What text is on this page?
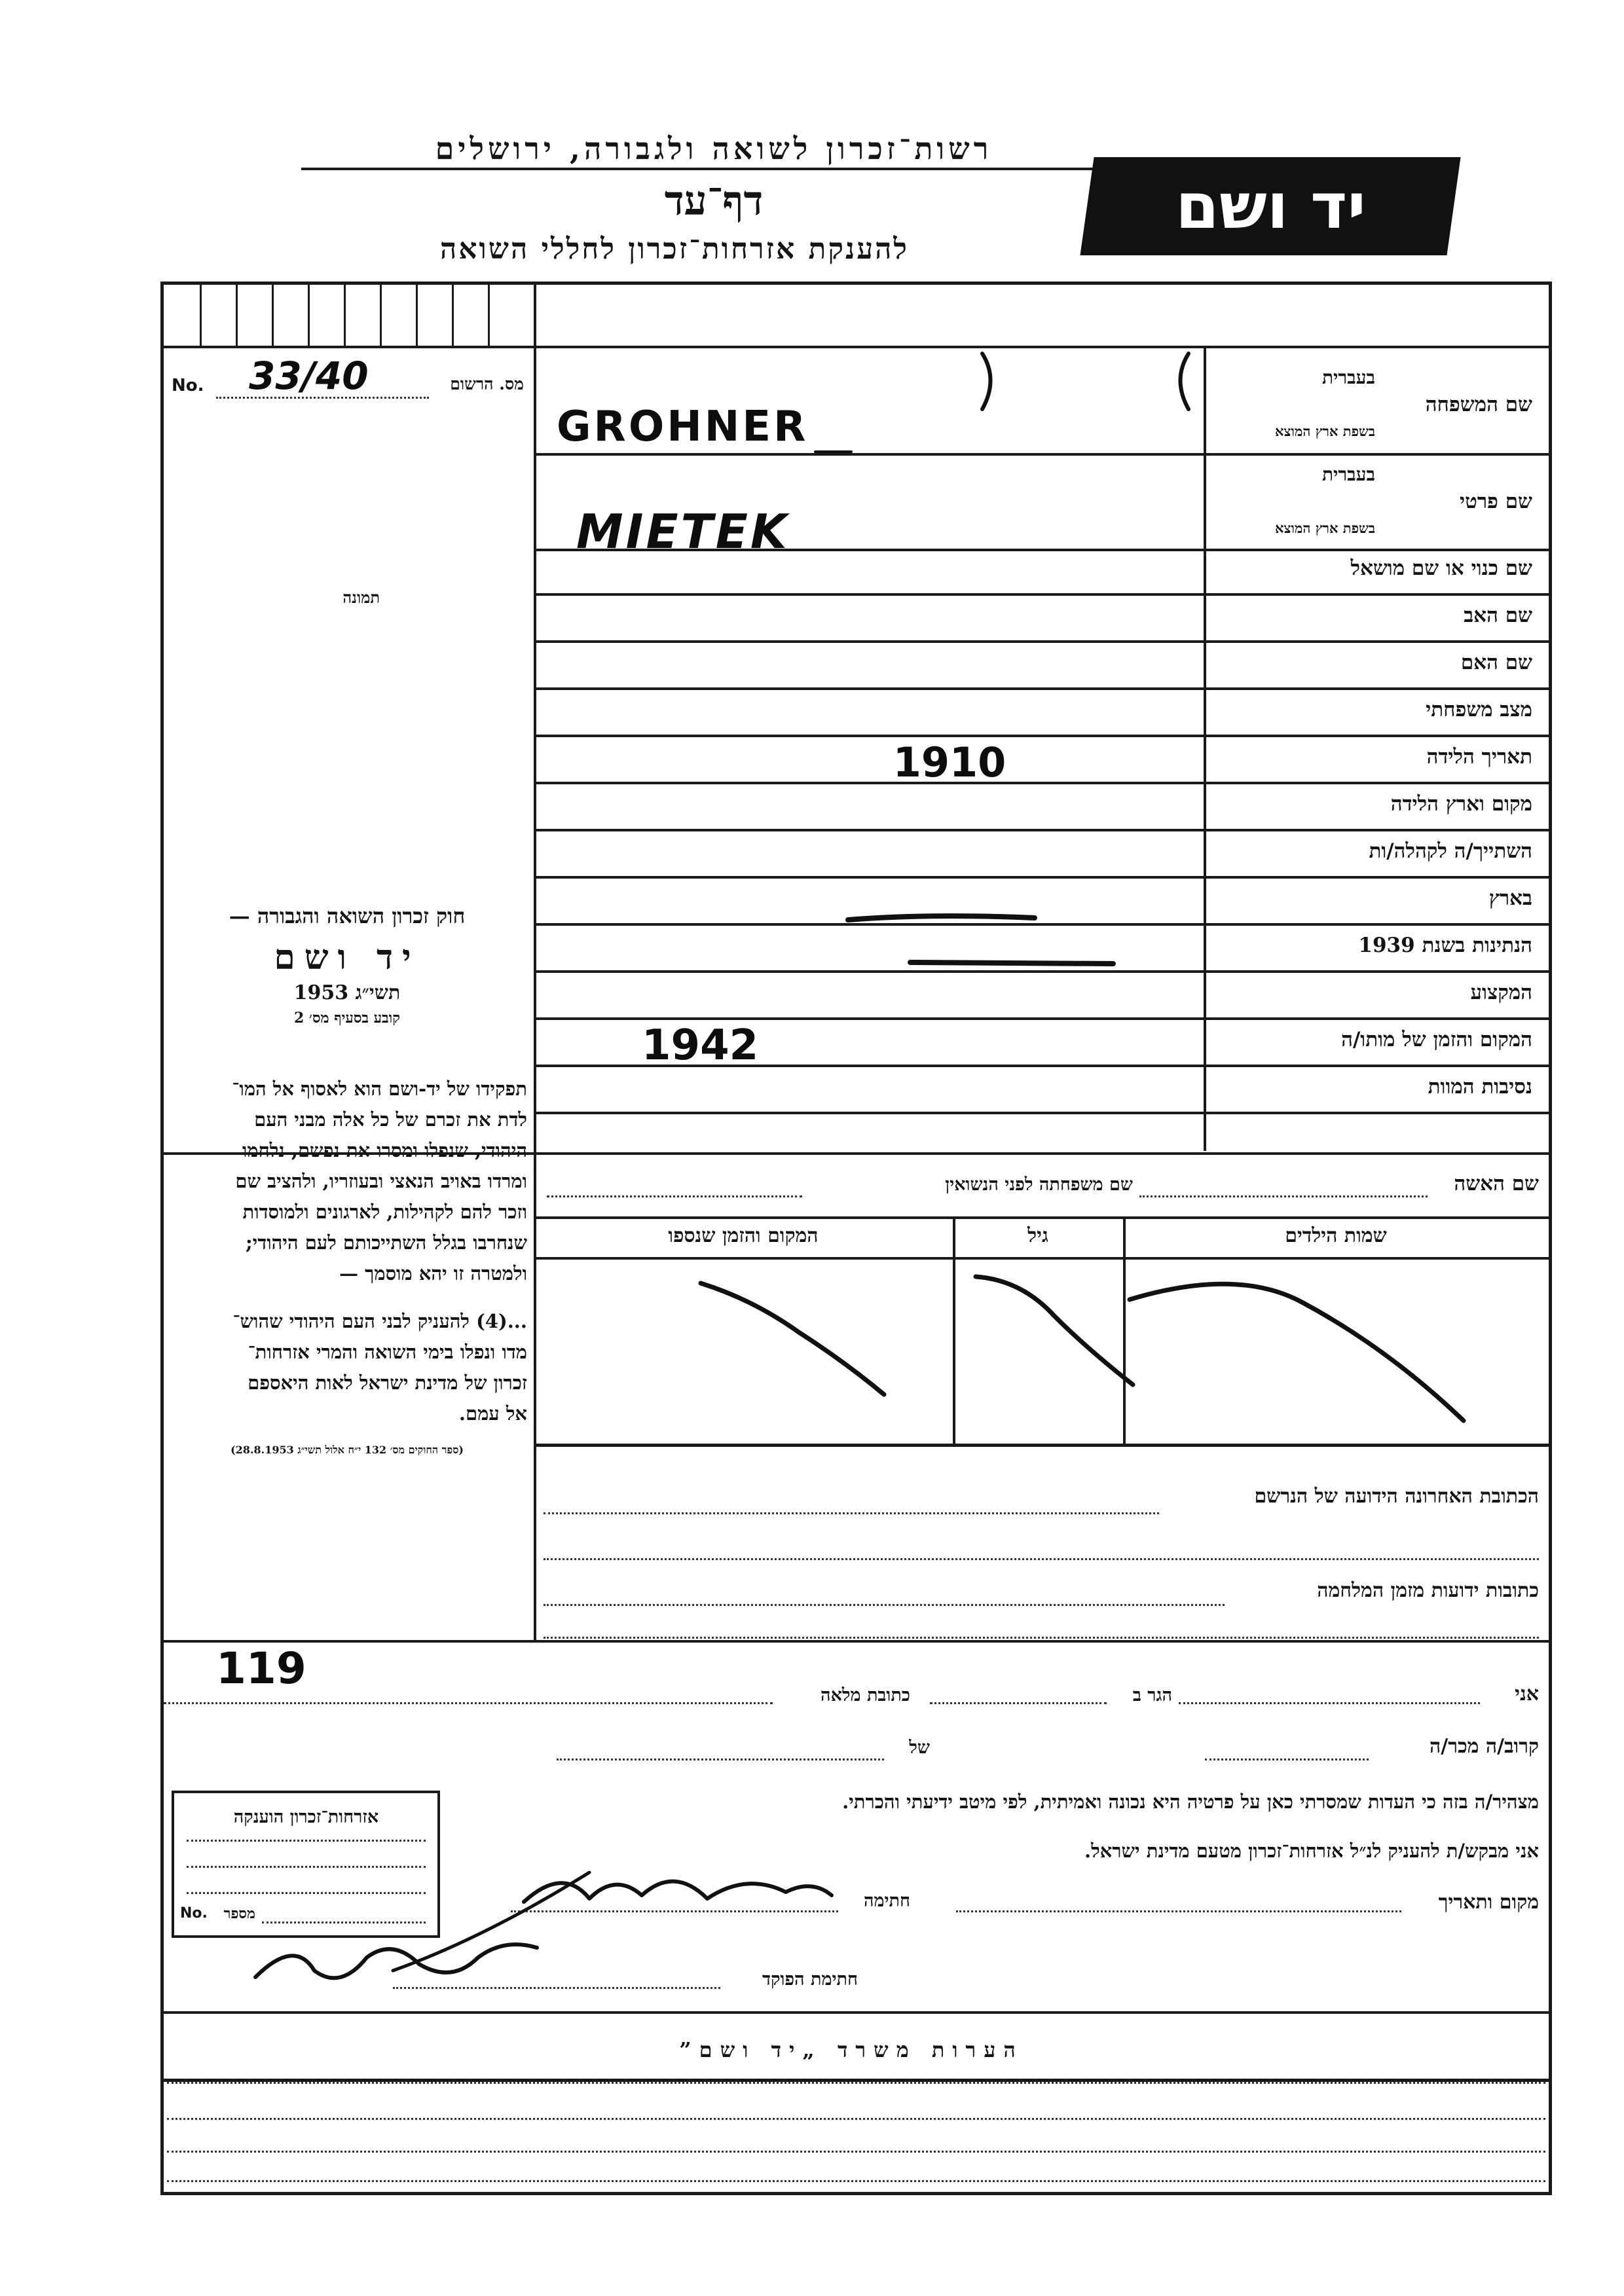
רשות־זכרון לשואה ולגבורה, ירושלים
דף־עד
להענקת אזרחות־זכרון לחללי השואה
יד ושם
מס. הרשום
No. 33/40
תמונה
שם המשפחה
בעברית
בשפת ארץ המוצא
שם פרטי
בעברית
בשפת ארץ המוצא
שם כנוי או שם מושאל
שם האב
שם האם
מצב משפחתי
תאריך הלידה
מקום וארץ הלידה
השתייך/ה לקהלה/ות
בארץ
הנתינות בשנת 1939
המקצוע
המקום והזמן של מותו/ה
נסיבות המוות
GROHNER
MIETEK
1910
1942
חוק זכרון השואה והגבורה —
יד ושם
תשי״ג 1953
קובע בסעיף מס׳ 2
תפקידו של יד-ושם הוא לאסוף אל המו־
לדת את זכרם של כל אלה מבני העם
היהודי, שנפלו ומסרו את נפשם, נלחמו
ומרדו באויב הנאצי ובעוזריו, ולהציב שם
וזכר להם לקהילות, לארגונים ולמוסדות
שנחרבו בגלל השתייכותם לעם היהודי;
ולמטרה זו יהא מוסמך —
...(4) להעניק לבני העם היהודי שהוש־
מדו ונפלו בימי השואה והמרי אזרחות־
זכרון של מדינת ישראל לאות היאספם
אל עמם.
(ספר החוקים מס׳ 132 י״ח אלול תשי״ג 28.8.1953)
שם האשה
שם משפחתה לפני הנשואין
שמות הילדים
גיל
המקום והזמן שנספו
הכתובת האחרונה הידועה של הנרשם
כתובות ידועות מזמן המלחמה
אני
הגר ב
כתובת מלאה
119
קרוב/ה מכר/ה
של
מצהיר/ה בזה כי העדות שמסרתי כאן על פרטיה היא נכונה ואמיתית, לפי מיטב ידיעתי והכרתי.
אני מבקש/ת להעניק לנ״ל אזרחות־זכרון מטעם מדינת ישראל.
מקום ותאריך
חתימה
חתימת הפוקד
אזרחות־זכרון הוענקה
No.	מספר
הערות משרד „יד ושם”
